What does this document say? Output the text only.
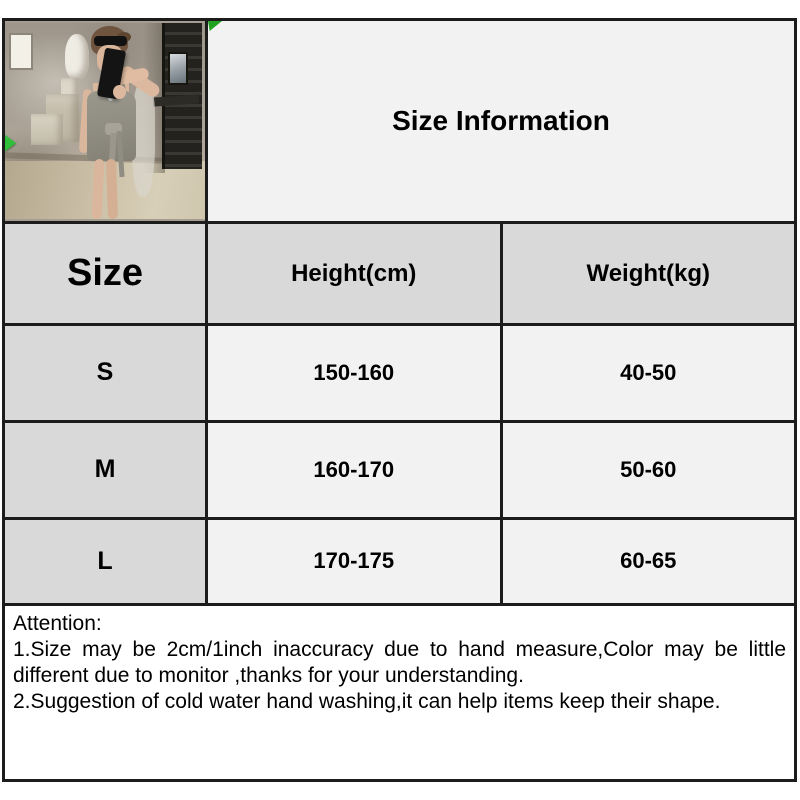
Size Information	
Size	Height(cm)	Weight(kg)
S	150-160	40-50
M	160-170	50-60
L	170-175	60-65

Attention:

1.Size may be 2cm/1inch inaccuracy due to hand measure,Color may be little different due to monitor ,thanks for your understanding.

2.Suggestion of cold water hand washing,it can help items keep their shape.		
